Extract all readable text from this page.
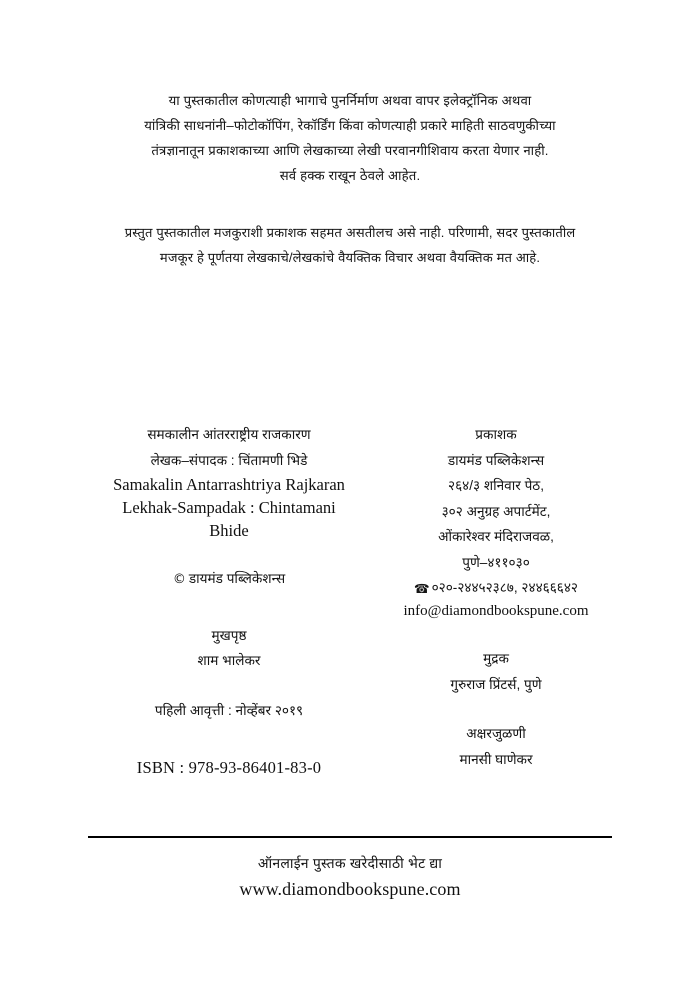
या पुस्तकातील कोणत्याही भागाचे पुनर्निर्माण अथवा वापर इलेक्ट्रॉनिक अथवा
यांत्रिकी साधनांनी–फोटोकॉपिंग, रेकॉर्डिंग किंवा कोणत्याही प्रकारे माहिती साठवणुकीच्या
तंत्रज्ञानातून प्रकाशकाच्या आणि लेखकाच्या लेखी परवानगीशिवाय करता येणार नाही.
सर्व हक्क राखून ठेवले आहेत.
प्रस्तुत पुस्तकातील मजकुराशी प्रकाशक सहमत असतीलच असे नाही. परिणामी, सदर पुस्तकातील
मजकूर हे पूर्णतया लेखकाचे/लेखकांचे वैयक्तिक विचार अथवा वैयक्तिक मत आहे.
समकालीन आंतरराष्ट्रीय राजकारण
लेखक–संपादक : चिंतामणी भिडे
Samakalin Antarrashtriya Rajkaran
Lekhak-Sampadak : Chintamani
Bhide
© डायमंड पब्लिकेशन्स
मुखपृष्ठ
शाम भालेकर
पहिली आवृत्ती : नोव्हेंबर २०१९
ISBN : 978-93-86401-83-0
प्रकाशक
डायमंड पब्लिकेशन्स
२६४/३ शनिवार पेठ,
३०२ अनुग्रह अपार्टमेंट,
ओंकारेश्वर मंदिराजवळ,
पुणे–४११०३०
☎ ०२०-२४४५२३८७, २४४६६६४२
info@diamondbookspune.com
मुद्रक
गुरुराज प्रिंटर्स, पुणे
अक्षरजुळणी
मानसी घाणेकर
ऑनलाईन पुस्तक खरेदीसाठी भेट द्या
www.diamondbookspune.com
